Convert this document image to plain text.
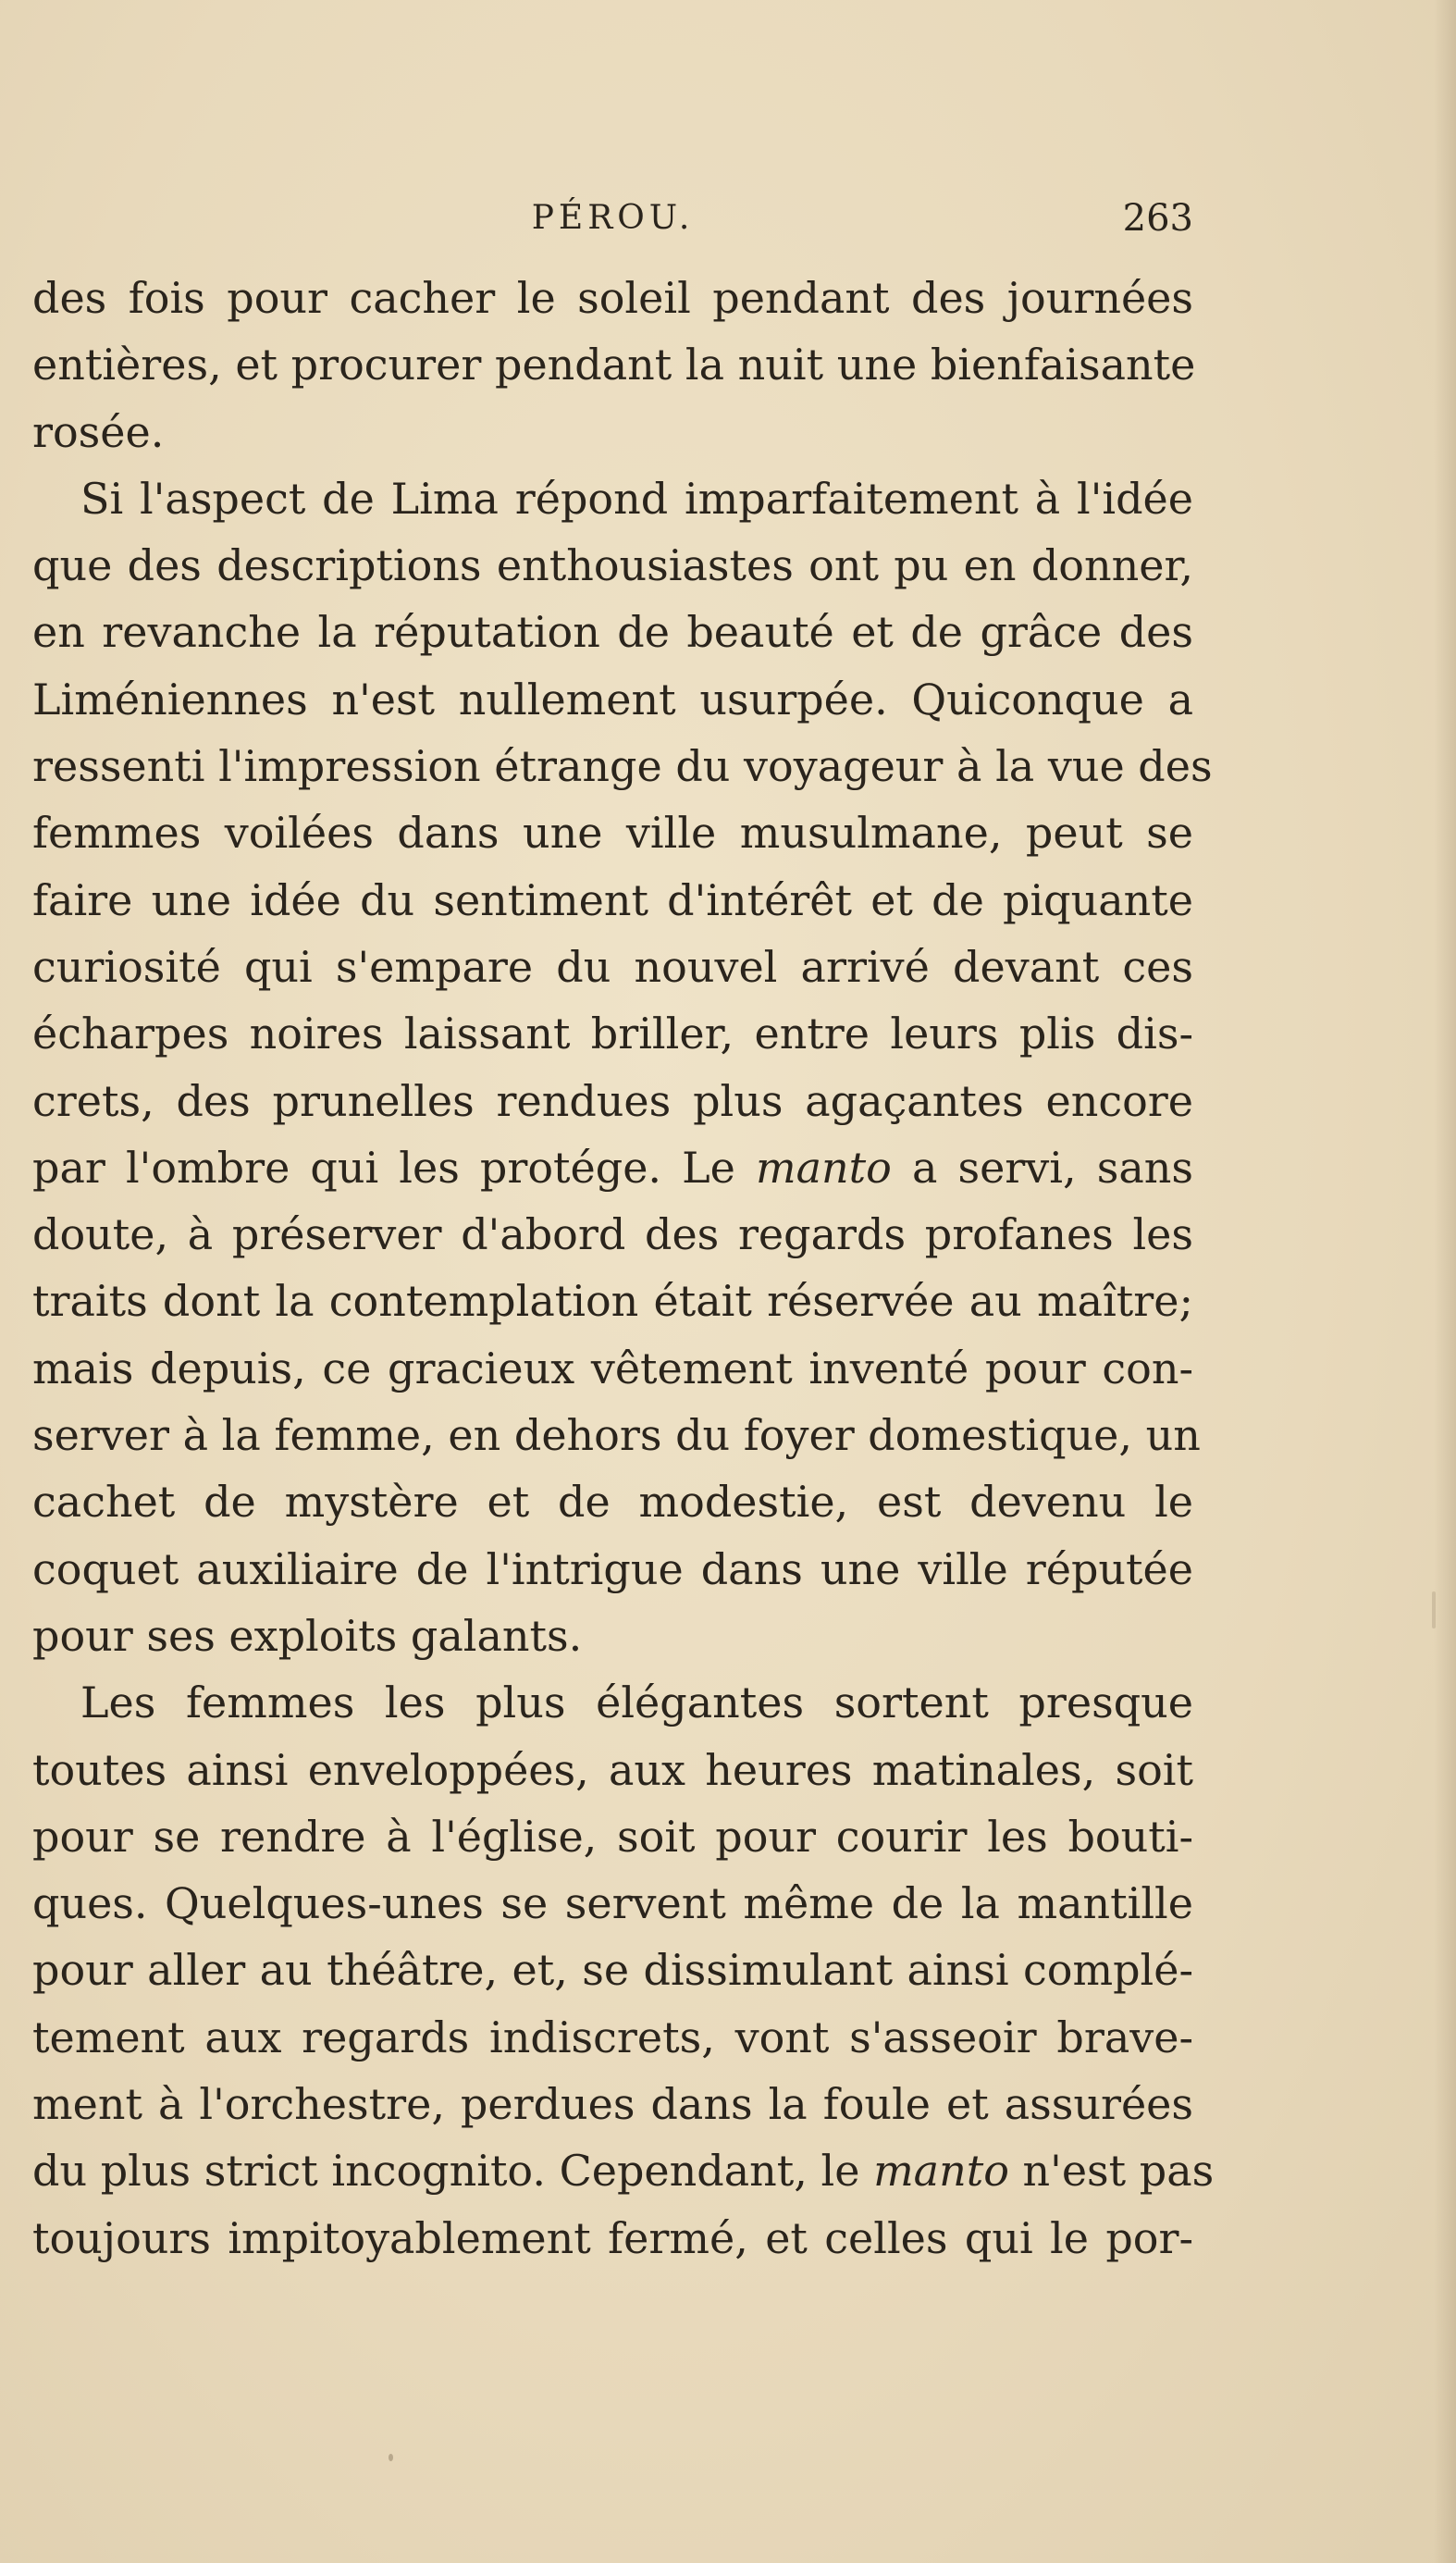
PÉROU.	263
des fois pour cacher le soleil pendant des journées
entières, et procurer pendant la nuit une bienfaisante
rosée.
Si l'aspect de Lima répond imparfaitement à l'idée
que des descriptions enthousiastes ont pu en donner,
en revanche la réputation de beauté et de grâce des
Liméniennes n'est nullement usurpée. Quiconque a
ressenti l'impression étrange du voyageur à la vue des
femmes voilées dans une ville musulmane, peut se
faire une idée du sentiment d'intérêt et de piquante
curiosité qui s'empare du nouvel arrivé devant ces
écharpes noires laissant briller, entre leurs plis dis-
crets, des prunelles rendues plus agaçantes encore
par l'ombre qui les protége. Le manto a servi, sans
doute, à préserver d'abord des regards profanes les
traits dont la contemplation était réservée au maître;
mais depuis, ce gracieux vêtement inventé pour con-
server à la femme, en dehors du foyer domestique, un
cachet de mystère et de modestie, est devenu le
coquet auxiliaire de l'intrigue dans une ville réputée
pour ses exploits galants.
Les femmes les plus élégantes sortent presque
toutes ainsi enveloppées, aux heures matinales, soit
pour se rendre à l'église, soit pour courir les bouti-
ques. Quelques-unes se servent même de la mantille
pour aller au théâtre, et, se dissimulant ainsi complé-
tement aux regards indiscrets, vont s'asseoir brave-
ment à l'orchestre, perdues dans la foule et assurées
du plus strict incognito. Cependant, le manto n'est pas
toujours impitoyablement fermé, et celles qui le por-
